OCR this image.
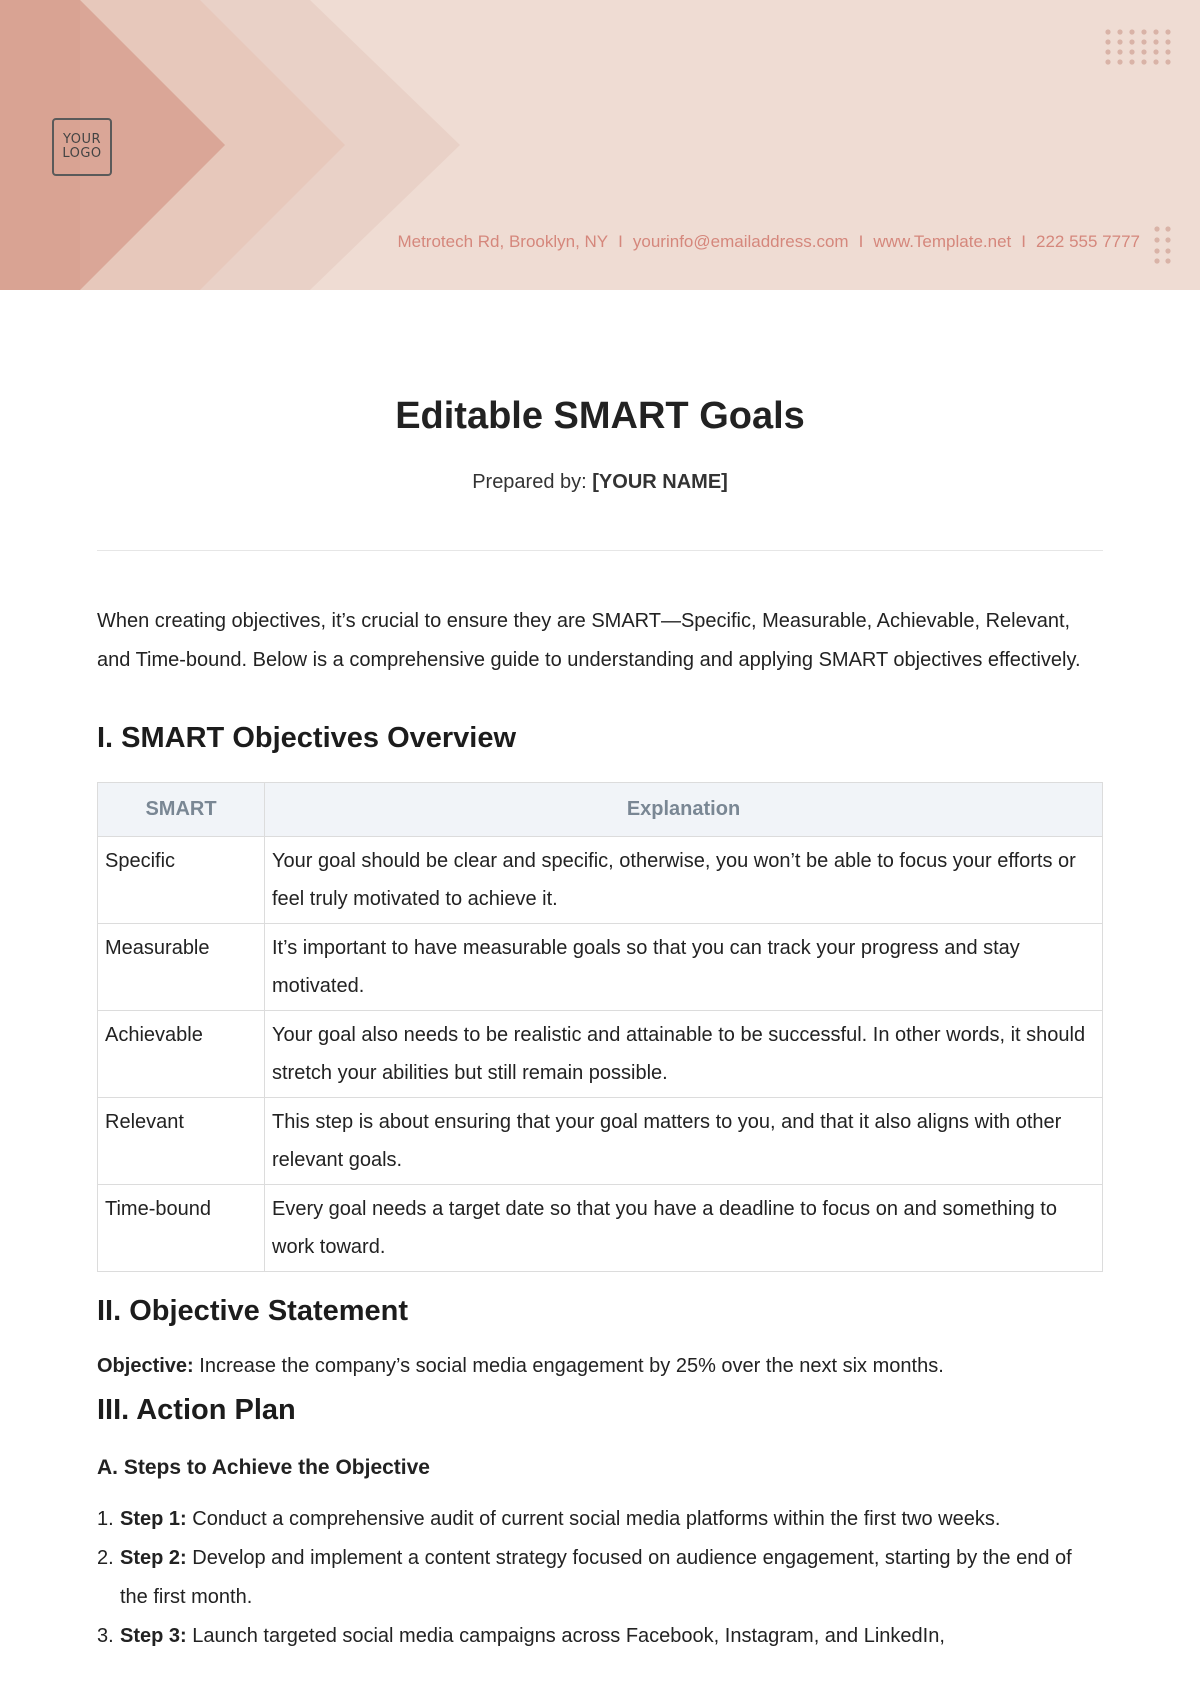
YOUR
LOGO
Metrotech Rd, Brooklyn, NY I yourinfo@emailaddress.com I www.Template.net I 222 555 7777
Editable SMART Goals
Prepared by: [YOUR NAME]
When creating objectives, it’s crucial to ensure they are SMART—Specific, Measurable, Achievable, Relevant, and Time-bound. Below is a comprehensive guide to understanding and applying SMART objectives effectively.
I. SMART Objectives Overview
SMART	Explanation
Specific	Your goal should be clear and specific, otherwise, you won’t be able to focus your efforts or feel truly motivated to achieve it.
Measurable	It’s important to have measurable goals so that you can track your progress and stay motivated.
Achievable	Your goal also needs to be realistic and attainable to be successful. In other words, it should stretch your abilities but still remain possible.
Relevant	This step is about ensuring that your goal matters to you, and that it also aligns with other relevant goals.
Time-bound	Every goal needs a target date so that you have a deadline to focus on and something to work toward.
II. Objective Statement
Objective: Increase the company’s social media engagement by 25% over the next six months.
III. Action Plan
A. Steps to Achieve the Objective
1. Step 1: Conduct a comprehensive audit of current social media platforms within the first two weeks.
2. Step 2: Develop and implement a content strategy focused on audience engagement, starting by the end of the first month.
3. Step 3: Launch targeted social media campaigns across Facebook, Instagram, and LinkedIn,
